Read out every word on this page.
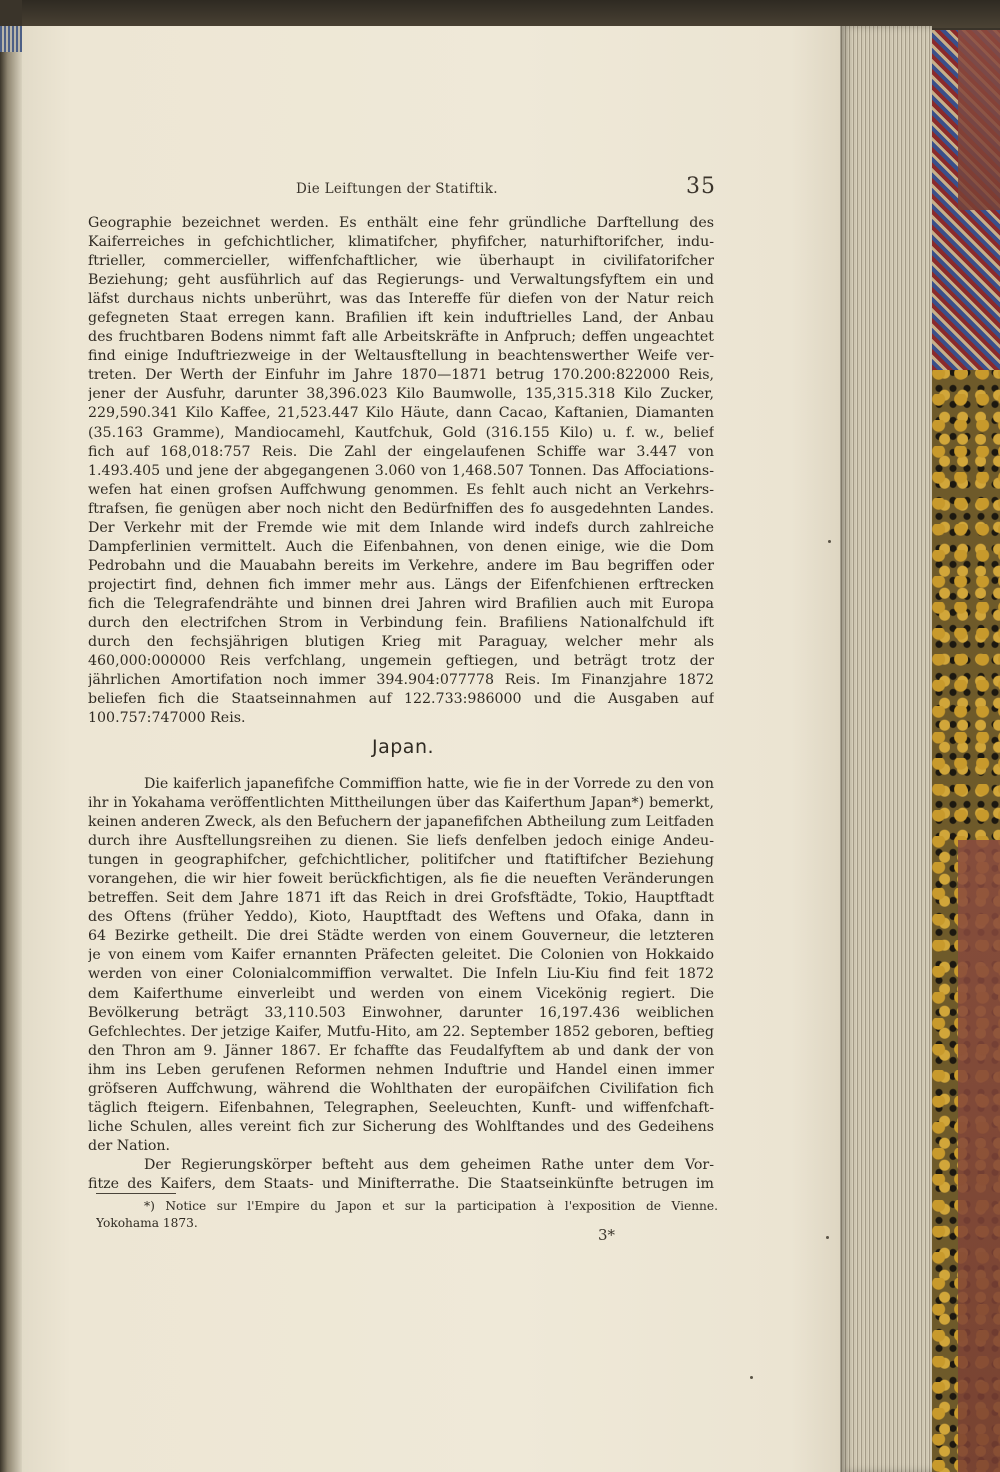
Die Leiftungen der Statiftik.	35
Geographie bezeichnet werden. Es enthält eine fehr gründliche Darftellung des
Kaiferreiches in gefchichtlicher, klimatifcher, phyfifcher, naturhiftorifcher, indu-
ftrieller, commercieller, wiffenfchaftlicher, wie überhaupt in civilifatorifcher
Beziehung; geht ausführlich auf das Regierungs- und Verwaltungsfyftem ein und
läfst durchaus nichts unberührt, was das Intereffe für diefen von der Natur reich
gefegneten Staat erregen kann. Brafilien ift kein induftrielles Land, der Anbau
des fruchtbaren Bodens nimmt faft alle Arbeitskräfte in Anfpruch; deffen ungeachtet
find einige Induftriezweige in der Weltausftellung in beachtenswerther Weife ver-
treten. Der Werth der Einfuhr im Jahre 1870—1871 betrug 170.200:822000 Reis,
jener der Ausfuhr, darunter 38,396.023 Kilo Baumwolle, 135,315.318 Kilo Zucker,
229,590.341 Kilo Kaffee, 21,523.447 Kilo Häute, dann Cacao, Kaftanien, Diamanten
(35.163 Gramme), Mandiocamehl, Kautfchuk, Gold (316.155 Kilo) u. f. w., belief
fich auf 168,018:757 Reis. Die Zahl der eingelaufenen Schiffe war 3.447 von
1.493.405 und jene der abgegangenen 3.060 von 1,468.507 Tonnen. Das Affociations-
wefen hat einen grofsen Auffchwung genommen. Es fehlt auch nicht an Verkehrs-
ftrafsen, fie genügen aber noch nicht den Bedürfniffen des fo ausgedehnten Landes.
Der Verkehr mit der Fremde wie mit dem Inlande wird indefs durch zahlreiche
Dampferlinien vermittelt. Auch die Eifenbahnen, von denen einige, wie die Dom
Pedrobahn und die Mauabahn bereits im Verkehre, andere im Bau begriffen oder
projectirt find, dehnen fich immer mehr aus. Längs der Eifenfchienen erftrecken
fich die Telegrafendrähte und binnen drei Jahren wird Brafilien auch mit Europa
durch den electrifchen Strom in Verbindung fein. Brafiliens Nationalfchuld ift
durch den fechsjährigen blutigen Krieg mit Paraguay, welcher mehr als
460,000:000000 Reis verfchlang, ungemein geftiegen, und beträgt trotz der
jährlichen Amortifation noch immer 394.904:077778 Reis. Im Finanzjahre 1872
beliefen fich die Staatseinnahmen auf 122.733:986000 und die Ausgaben auf
100.757:747000 Reis.
Japan.
Die kaiferlich japanefifche Commiffion hatte, wie fie in der Vorrede zu den von
ihr in Yokahama veröffentlichten Mittheilungen über das Kaiferthum Japan*) bemerkt,
keinen anderen Zweck, als den Befuchern der japanefifchen Abtheilung zum Leitfaden
durch ihre Ausftellungsreihen zu dienen. Sie liefs denfelben jedoch einige Andeu-
tungen in geographifcher, gefchichtlicher, politifcher und ftatiftifcher Beziehung
vorangehen, die wir hier foweit berückfichtigen, als fie die neueften Veränderungen
betreffen. Seit dem Jahre 1871 ift das Reich in drei Grofsftädte, Tokio, Hauptftadt
des Oftens (früher Yeddo), Kioto, Hauptftadt des Weftens und Ofaka, dann in
64 Bezirke getheilt. Die drei Städte werden von einem Gouverneur, die letzteren
je von einem vom Kaifer ernannten Präfecten geleitet. Die Colonien von Hokkaido
werden von einer Colonialcommiffion verwaltet. Die Infeln Liu-Kiu find feit 1872
dem Kaiferthume einverleibt und werden von einem Vicekönig regiert. Die
Bevölkerung beträgt 33,110.503 Einwohner, darunter 16,197.436 weiblichen
Gefchlechtes. Der jetzige Kaifer, Mutfu-Hito, am 22. September 1852 geboren, beftieg
den Thron am 9. Jänner 1867. Er fchaffte das Feudalfyftem ab und dank der von
ihm ins Leben gerufenen Reformen nehmen Induftrie und Handel einen immer
gröfseren Auffchwung, während die Wohlthaten der europäifchen Civilifation fich
täglich fteigern. Eifenbahnen, Telegraphen, Seeleuchten, Kunft- und wiffenfchaft-
liche Schulen, alles vereint fich zur Sicherung des Wohlftandes und des Gedeihens
der Nation.
Der Regierungskörper befteht aus dem geheimen Rathe unter dem Vor-
fitze des Kaifers, dem Staats- und Minifterrathe. Die Staatseinkünfte betrugen im
*) Notice sur l'Empire du Japon et sur la participation à l'exposition de Vienne.
Yokohama 1873.
3*
